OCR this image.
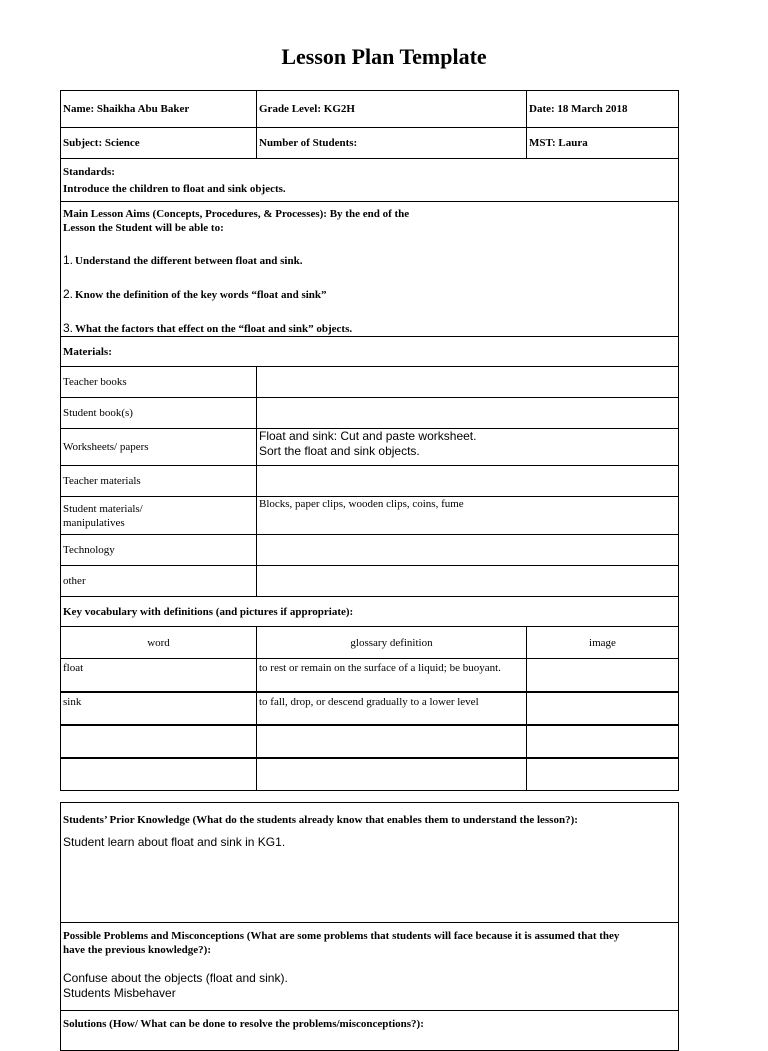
Lesson Plan Template
Name: Shaikha Abu Baker	Grade Level: KG2H	Date: 18 March 2018
Subject: Science	Number of Students:	MST: Laura

Standards:
Introduce the children to float and sink objects.		

Main Lesson Aims (Concepts, Procedures, & Processes): By the end of the
Lesson the Student will be able to:
1. Understand the different between float and sink.
2. Know the definition of the key words “float and sink”
3. What the factors that effect on the “float and sink” objects.		

Materials:		
Teacher books		
Student book(s)		
Worksheets/ papers	Float and sink: Cut and paste worksheet.
Sort the float and sink objects.	

Teacher materials		

Student materials/
manipulatives	Blocks, paper clips, wooden clips, coins, fume	
Technology		
other		
Key vocabulary with definitions (and pictures if appropriate):		
word	glossary definition	image
float	to rest or remain on the surface of a liquid; be buoyant.	
sink	to fall, drop, or descend gradually to a lower level	

Students’ Prior Knowledge (What do the students already know that enables them to understand the lesson?):
Student learn about float and sink in KG1.

Possible Problems and Misconceptions (What are some problems that students will face because it is assumed that they
have the previous knowledge?):
Confuse about the objects (float and sink).
Students Misbehaver

Solutions (How/ What can be done to resolve the problems/misconceptions?):
